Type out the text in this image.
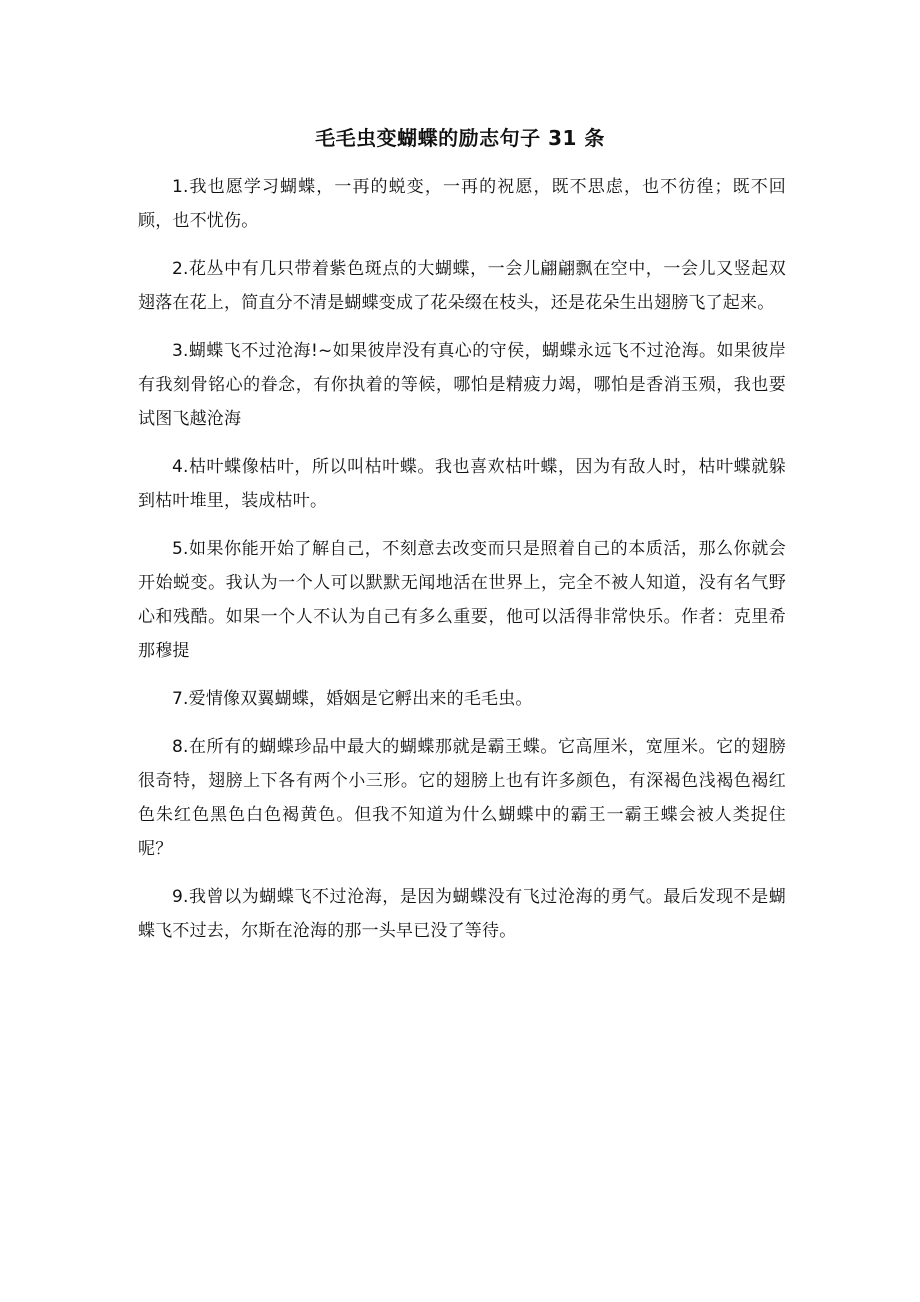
毛毛虫变蝴蝶的励志句子 31 条

1.我也愿学习蝴蝶，一再的蜕变，一再的祝愿，既不思虑，也不彷徨；既不回顾，也不忧伤。

2.花丛中有几只带着紫色斑点的大蝴蝶，一会儿翩翩飘在空中，一会儿又竖起双翅落在花上，简直分不清是蝴蝶变成了花朵缀在枝头，还是花朵生出翅膀飞了起来。

3.蝴蝶飞不过沧海!~如果彼岸没有真心的守侯，蝴蝶永远飞不过沧海。如果彼岸有我刻骨铭心的眷念，有你执着的等候，哪怕是精疲力竭，哪怕是香消玉殒，我也要试图飞越沧海

4.枯叶蝶像枯叶，所以叫枯叶蝶。我也喜欢枯叶蝶，因为有敌人时，枯叶蝶就躲到枯叶堆里，装成枯叶。

5.如果你能开始了解自己，不刻意去改变而只是照着自己的本质活，那么你就会开始蜕变。我认为一个人可以默默无闻地活在世界上，完全不被人知道，没有名气野心和残酷。如果一个人不认为自己有多么重要，他可以活得非常快乐。作者：克里希那穆提

7.爱情像双翼蝴蝶，婚姻是它孵出来的毛毛虫。

8.在所有的蝴蝶珍品中最大的蝴蝶那就是霸王蝶。它高厘米，宽厘米。它的翅膀很奇特，翅膀上下各有两个小三形。它的翅膀上也有许多颜色，有深褐色浅褐色褐红色朱红色黑色白色褐黄色。但我不知道为什么蝴蝶中的霸王一霸王蝶会被人类捉住呢？

9.我曾以为蝴蝶飞不过沧海，是因为蝴蝶没有飞过沧海的勇气。最后发现不是蝴蝶飞不过去，尔斯在沧海的那一头早已没了等待。
